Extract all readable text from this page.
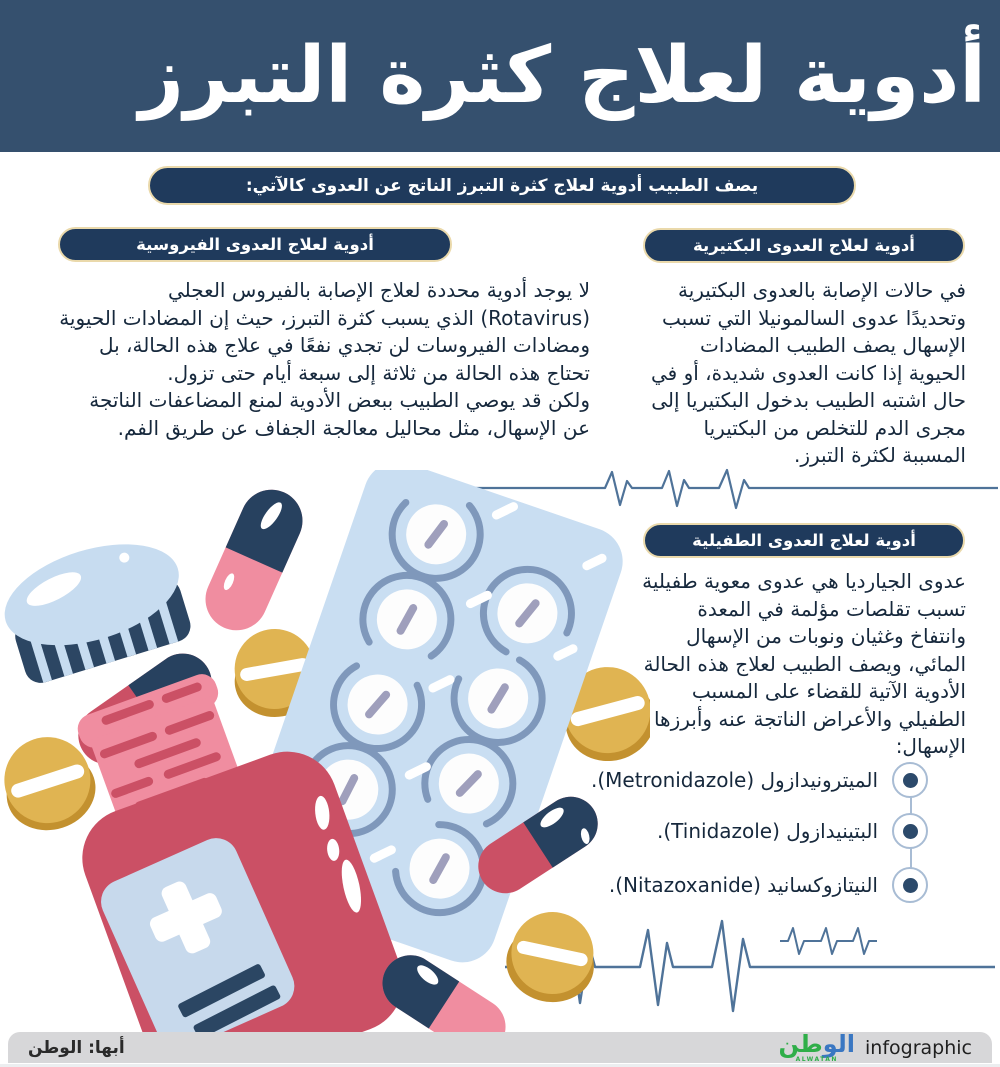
أدوية لعلاج كثرة التبرز
يصف الطبيب أدوية لعلاج كثرة التبرز الناتج عن العدوى كالآتي:
أدوية لعلاج العدوى الفيروسية	أدوية لعلاج العدوى البكتيرية
أدوية لعلاج العدوى الطفيلية

لا يوجد أدوية محددة لعلاج الإصابة بالفيروس العجلي (Rotavirus) الذي يسبب كثرة التبرز، حيث إن المضادات الحيوية ومضادات الفيروسات لن تجدي نفعًا في علاج هذه الحالة، بل تحتاج هذه الحالة من ثلاثة إلى سبعة أيام حتى تزول.

ولكن قد يوصي الطبيب ببعض الأدوية لمنع المضاعفات الناتجة عن الإسهال، مثل محاليل معالجة الجفاف عن طريق الفم.

في حالات الإصابة بالعدوى البكتيرية وتحديدًا عدوى السالمونيلا التي تسبب الإسهال يصف الطبيب المضادات الحيوية إذا كانت العدوى شديدة، أو في حال اشتبه الطبيب بدخول البكتيريا إلى مجرى الدم للتخلص من البكتيريا المسببة لكثرة التبرز.

عدوى الجيارديا هي عدوى معوية طفيلية تسبب تقلصات مؤلمة في المعدة وانتفاخ وغثيان ونوبات من الإسهال المائي، ويصف الطبيب لعلاج هذه الحالة الأدوية الآتية للقضاء على المسبب الطفيلي والأعراض الناتجة عنه وأبرزها الإسهال:

الميترونيدازول (Metronidazole).
البتينيدازول (Tinidazole).
النيتازوكسانيد (Nitazoxanide).
الوطن
ALWATAN
infographic
أبها: الوطن
